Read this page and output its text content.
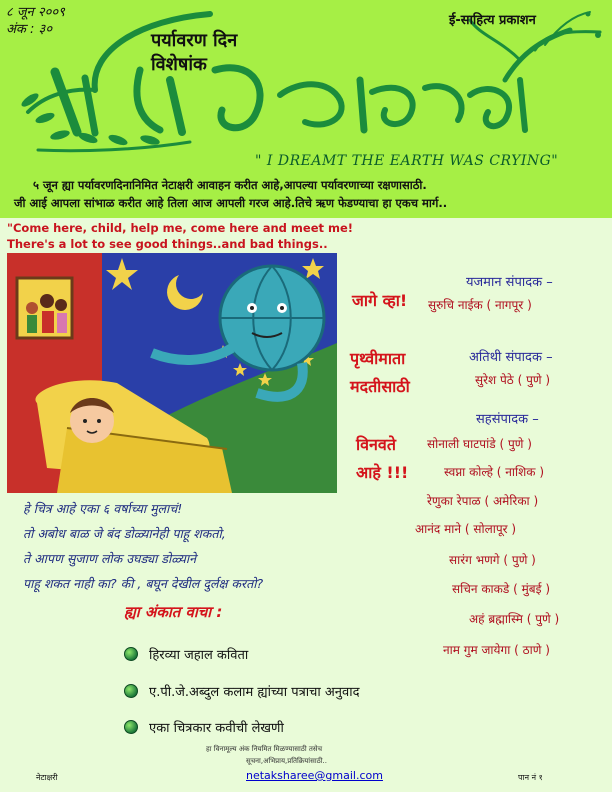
८ जून २००९
अंक : ३०
पर्यावरण दिन
विशेषांक
ई-साहित्य प्रकाशन
" I DREAMT THE EARTH WAS CRYING"
५ जून ह्या पर्यावरणदिनानिमित नेटाक्षरी आवाहन करीत आहे,आपल्या पर्यावरणाच्या रक्षणासाठी.
जी आई आपला सांभाळ करीत आहे तिला आज आपली गरज आहे.तिचे ऋण फेडण्याचा हा एकच मार्ग..
"Come here, child, help me, come here and meet me!
There's a lot to see good things..and bad things..
जागे व्हा!
पृथ्वीमाता
मदतीसाठी
विनवते
आहे !!!
यजमान संपादक –
सुरुचि नाईक ( नागपूर )
अतिथी संपादक –
सुरेश पेठे ( पुणे )
सहसंपादक –
सोनाली घाटपांडे ( पुणे )
स्वप्ना कोल्हे ( नाशिक )
रेणुका रेपाळ ( अमेरिका )
आनंद माने ( सोलापूर )
सारंग भणगे ( पुणे )
सचिन काकडे ( मुंबई )
अहं ब्रह्मास्मि ( पुणे )
नाम गुम जायेगा ( ठाणे )
हे चित्र आहे एका ६ वर्षाच्या मुलाचं!
तो अबोध बाळ जे बंद डोळ्यानेही पाहू शकतो,
ते आपण सुजाण लोक उघड्या डोळ्याने
पाहू शकत नाही का? की , बघून देखील दुर्लक्ष करतो?
ह्या अंकात वाचा :
हिरव्या जहाल कविता
ए.पी.जे.अब्दुल कलाम ह्यांच्या पत्राचा अनुवाद
एका चित्रकार कवीची लेखणी
हा विनामूल्य अंक नियमित मिळण्यासाठी तसेच
सूचना,अभिप्राय,प्रतिक्रियांसाठी..
netaksharee@gmail.com
नेटाक्षरी	पान नं १
